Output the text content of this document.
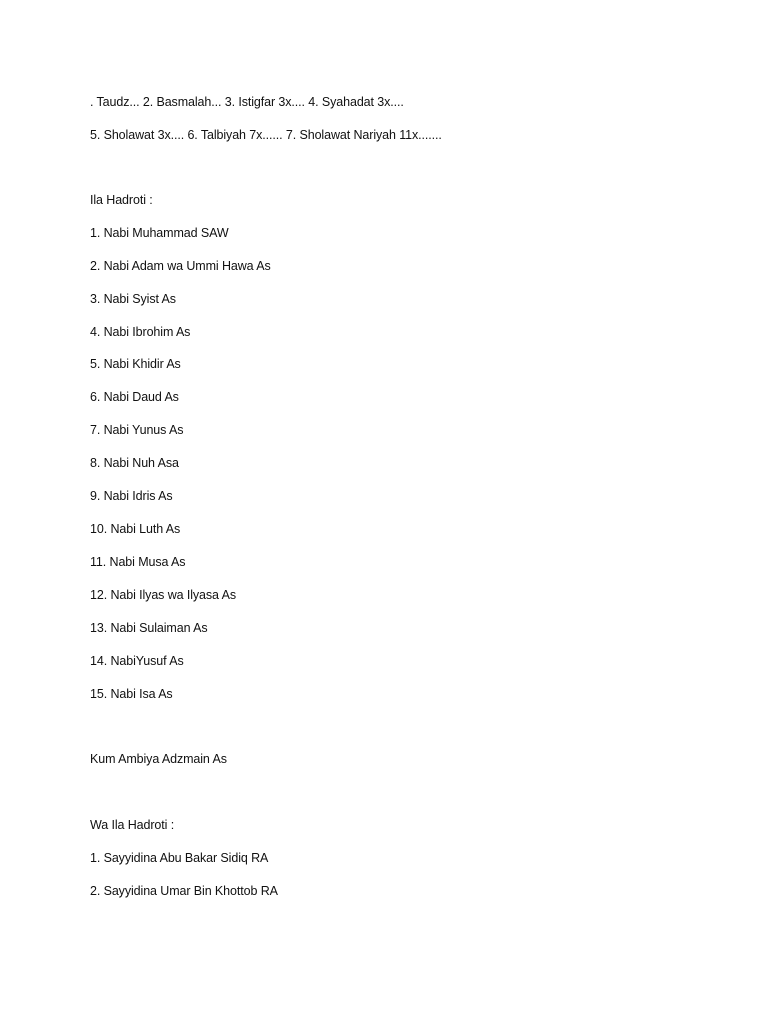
. Taudz... 2. Basmalah... 3. Istigfar 3x.... 4. Syahadat 3x....
5. Sholawat 3x.... 6. Talbiyah 7x...... 7. Sholawat Nariyah 11x.......
Ila Hadroti :
1. Nabi Muhammad SAW
2. Nabi Adam wa Ummi Hawa As
3. Nabi Syist As
4. Nabi Ibrohim As
5. Nabi Khidir As
6. Nabi Daud As
7. Nabi Yunus As
8. Nabi Nuh Asa
9. Nabi Idris As
10. Nabi Luth As
11. Nabi Musa As
12. Nabi Ilyas wa Ilyasa As
13. Nabi Sulaiman As
14. NabiYusuf As
15. Nabi Isa As
Kum Ambiya Adzmain As
Wa Ila Hadroti :
1. Sayyidina Abu Bakar Sidiq RA
2. Sayyidina Umar Bin Khottob RA
